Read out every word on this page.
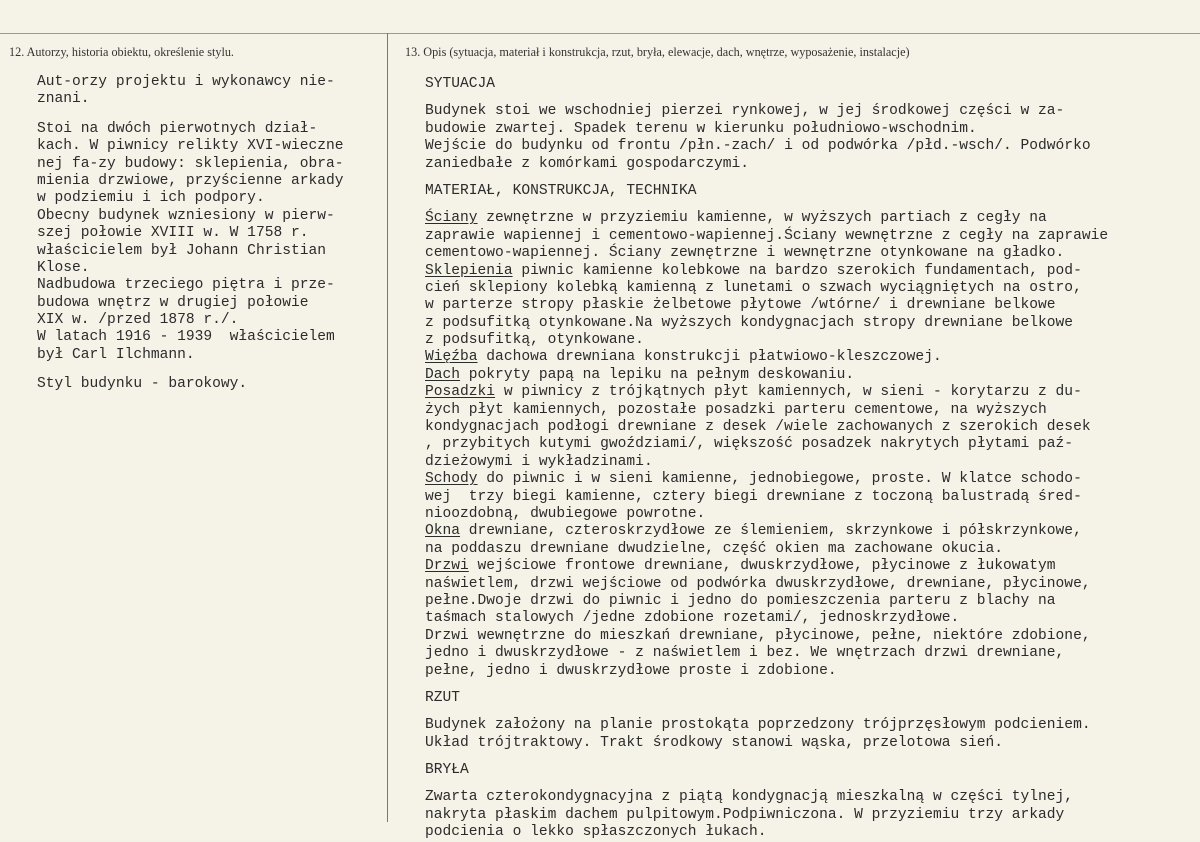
12. Autorzy, historia obiektu, określenie stylu.	13. Opis (sytuacja, materiał i konstrukcja, rzut, bryła, elewacje, dach, wnętrze, wyposażenie, instalacje)
Aut-orzy projektu i wykonawcy nie-
znani.
Stoi na dwóch pierwotnych dział-
kach. W piwnicy relikty XVI-wieczne
nej fa-zy budowy: sklepienia, obra-
mienia drzwiowe, przyścienne arkady
w podziemiu i ich podpory.
Obecny budynek wzniesiony w pierw-
szej połowie XVIII w. W 1758 r.
właścicielem był Johann Christian
Klose.
Nadbudowa trzeciego piętra i prze-
budowa wnętrz w drugiej połowie
XIX w. /przed 1878 r./.
W latach 1916 - 1939  właścicielem
był Carl Ilchmann.
Styl budynku - barokowy.
SYTUACJA
Budynek stoi we wschodniej pierzei rynkowej, w jej środkowej części w za-
budowie zwartej. Spadek terenu w kierunku południowo-wschodnim.
Wejście do budynku od frontu /płn.-zach/ i od podwórka /płd.-wsch/. Podwórko
zaniedbałe z komórkami gospodarczymi.
MATERIAŁ, KONSTRUKCJA, TECHNIKA
Ściany zewnętrzne w przyziemiu kamienne, w wyższych partiach z cegły na
zaprawie wapiennej i cementowo-wapiennej.Ściany wewnętrzne z cegły na zaprawie
cementowo-wapiennej. Ściany zewnętrzne i wewnętrzne otynkowane na gładko.
Sklepienia piwnic kamienne kolebkowe na bardzo szerokich fundamentach, pod-
cień sklepiony kolebką kamienną z lunetami o szwach wyciągniętych na ostro,
w parterze stropy płaskie żelbetowe płytowe /wtórne/ i drewniane belkowe
z podsufitką otynkowane.Na wyższych kondygnacjach stropy drewniane belkowe
z podsufitką, otynkowane.
Więźba dachowa drewniana konstrukcji płatwiowo-kleszczowej.
Dach pokryty papą na lepiku na pełnym deskowaniu.
Posadzki w piwnicy z trójkątnych płyt kamiennych, w sieni - korytarzu z du-
żych płyt kamiennych, pozostałe posadzki parteru cementowe, na wyższych
kondygnacjach podłogi drewniane z desek /wiele zachowanych z szerokich desek
, przybitych kutymi gwoździami/, większość posadzek nakrytych płytami paź-
dzieżowymi i wykładzinami.
Schody do piwnic i w sieni kamienne, jednobiegowe, proste. W klatce schodo-
wej  trzy biegi kamienne, cztery biegi drewniane z toczoną balustradą śred-
nioozdobną, dwubiegowe powrotne.
Okna drewniane, czteroskrzydłowe ze ślemieniem, skrzynkowe i półskrzynkowe,
na poddaszu drewniane dwudzielne, część okien ma zachowane okucia.
Drzwi wejściowe frontowe drewniane, dwuskrzydłowe, płycinowe z łukowatym
naświetlem, drzwi wejściowe od podwórka dwuskrzydłowe, drewniane, płycinowe,
pełne.Dwoje drzwi do piwnic i jedno do pomieszczenia parteru z blachy na
taśmach stalowych /jedne zdobione rozetami/, jednoskrzydłowe.
Drzwi wewnętrzne do mieszkań drewniane, płycinowe, pełne, niektóre zdobione,
jedno i dwuskrzydłowe - z naświetlem i bez. We wnętrzach drzwi drewniane,
pełne, jedno i dwuskrzydłowe proste i zdobione.
RZUT
Budynek założony na planie prostokąta poprzedzony trójprzęsłowym podcieniem.
Układ trójtraktowy. Trakt środkowy stanowi wąska, przelotowa sień.
BRYŁA
Zwarta czterokondygnacyjna z piątą kondygnacją mieszkalną w części tylnej,
nakryta płaskim dachem pulpitowym.Podpiwniczona. W przyziemiu trzy arkady
podcienia o lekko spłaszczonych łukach.
